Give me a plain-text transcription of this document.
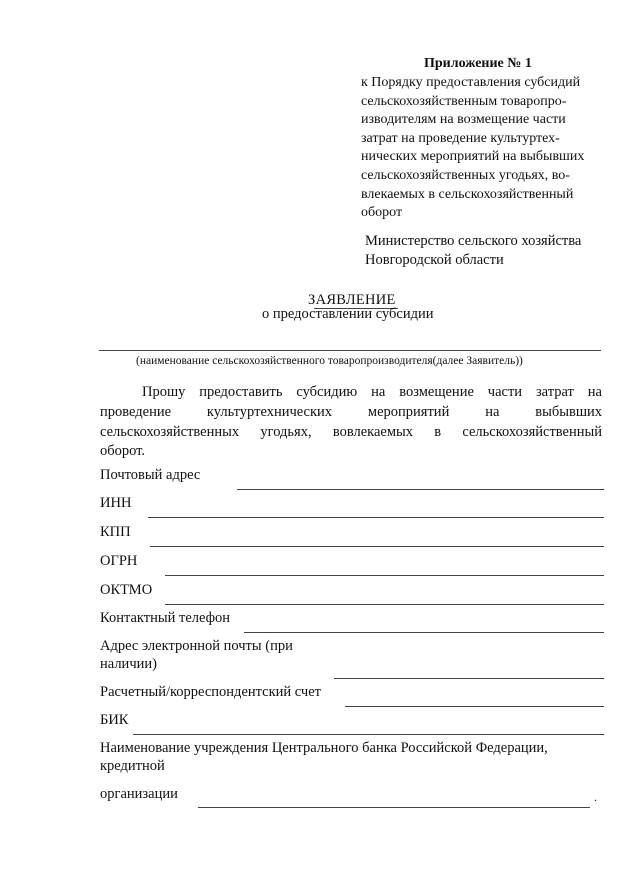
Приложение № 1
к Порядку предоставления субсидий
сельскохозяйственным товаропро-
изводителям на возмещение части
затрат на проведение культуртех-
нических мероприятий на выбывших
сельскохозяйственных угодьях, во-
влекаемых в сельскохозяйственный
оборот
Министерство сельского хозяйства
Новгородской области
ЗАЯВЛЕНИЕ
о предоставлении субсидии
(наименование сельскохозяйственного товаропроизводителя(далее Заявитель))
Прошу предоставить субсидию на возмещение части затрат на
проведение культуртехнических мероприятий на выбывших
сельскохозяйственных угодьях, вовлекаемых в сельскохозяйственный
оборот.
Почтовый адрес
ИНН
КПП
ОГРН
ОКТМО
Контактный телефон
Адрес электронной почты (при
наличии)
Расчетный/корреспондентский счет
БИК
Наименование учреждения Центрального банка Российской Федерации,
кредитной
организации	.
